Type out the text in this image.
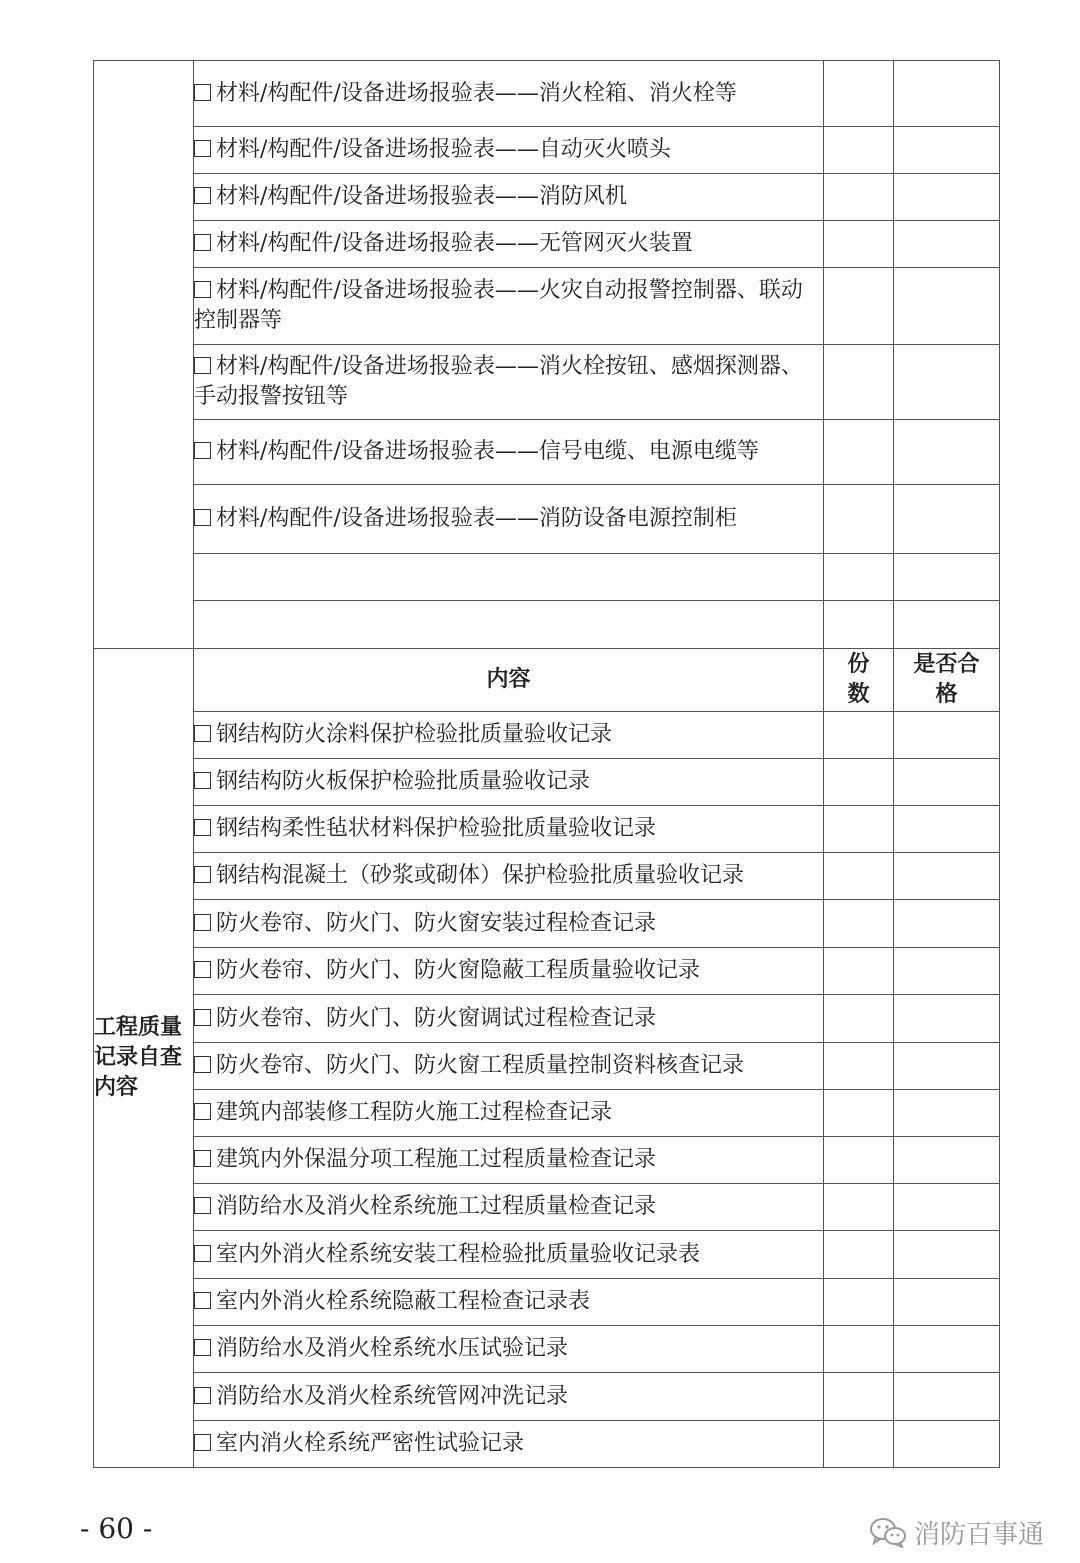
	材料/构配件/设备进场报验表——消火栓箱、消火栓等		
	材料/构配件/设备进场报验表——自动灭火喷头		
	材料/构配件/设备进场报验表——消防风机		
	材料/构配件/设备进场报验表——无管网灭火装置		
	材料/构配件/设备进场报验表——火灾自动报警控制器、联动控制器等		
	材料/构配件/设备进场报验表——消火栓按钮、感烟探测器、手动报警按钮等		
	材料/构配件/设备进场报验表——信号电缆、电源电缆等		
	材料/构配件/设备进场报验表——消防设备电源控制柜		

工程质量记录自查内容	内容	份数	是否合格
	钢结构防火涂料保护检验批质量验收记录		
	钢结构防火板保护检验批质量验收记录		
	钢结构柔性毡状材料保护检验批质量验收记录		
	钢结构混凝土（砂浆或砌体）保护检验批质量验收记录		
	防火卷帘、防火门、防火窗安装过程检查记录		
	防火卷帘、防火门、防火窗隐蔽工程质量验收记录		
	防火卷帘、防火门、防火窗调试过程检查记录		
	防火卷帘、防火门、防火窗工程质量控制资料核查记录		
	建筑内部装修工程防火施工过程检查记录		
	建筑内外保温分项工程施工过程质量检查记录		
	消防给水及消火栓系统施工过程质量检查记录		
	室内外消火栓系统安装工程检验批质量验收记录表		
	室内外消火栓系统隐蔽工程检查记录表		
	消防给水及消火栓系统水压试验记录		
	消防给水及消火栓系统管网冲洗记录		
	室内消火栓系统严密性试验记录		
- 60 -	消防百事通
